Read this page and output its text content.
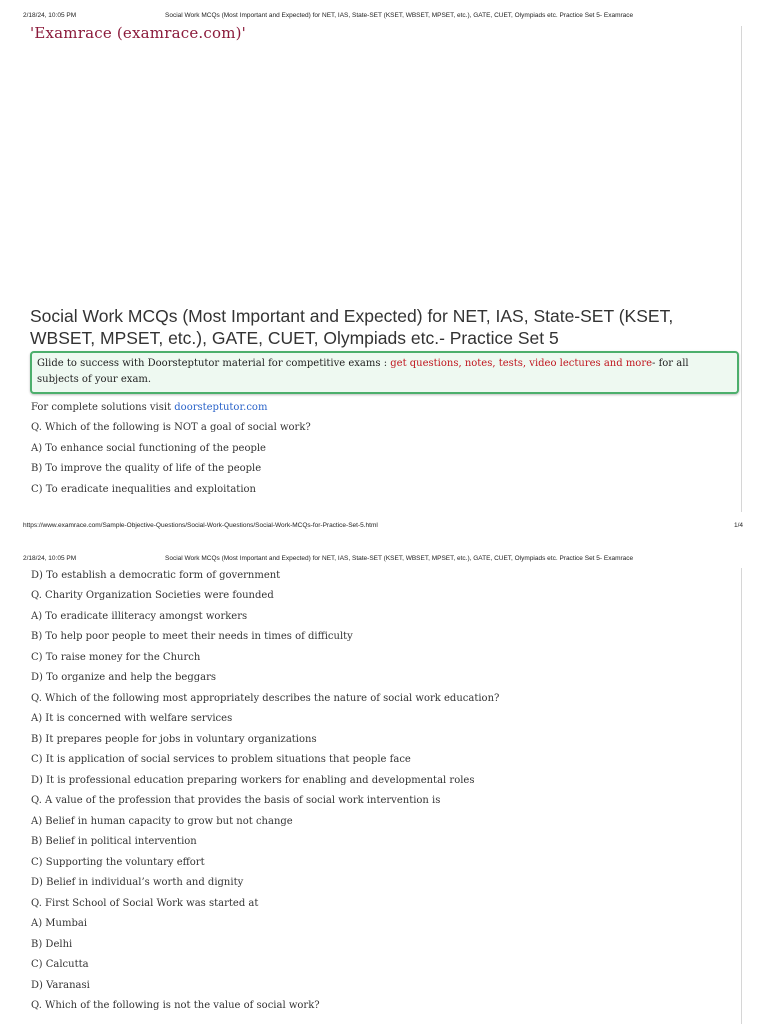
2/18/24, 10:05 PM	Social Work MCQs (Most Important and Expected) for NET, IAS, State-SET (KSET, WBSET, MPSET, etc.), GATE, CUET, Olympiads etc. Practice Set 5- Examrace
'Examrace (examrace.com)'
Social Work MCQs (Most Important and Expected) for NET, IAS, State-SET (KSET, WBSET, MPSET, etc.), GATE, CUET, Olympiads etc.- Practice Set 5
Glide to success with Doorsteptutor material for competitive exams : get questions, notes, tests, video lectures and more- for all subjects of your exam.
For complete solutions visit doorsteptutor.com
Q. Which of the following is NOT a goal of social work?
A) To enhance social functioning of the people
B) To improve the quality of life of the people
C) To eradicate inequalities and exploitation
https://www.examrace.com/Sample-Objective-Questions/Social-Work-Questions/Social-Work-MCQs-for-Practice-Set-5.html	1/4
2/18/24, 10:05 PM	Social Work MCQs (Most Important and Expected) for NET, IAS, State-SET (KSET, WBSET, MPSET, etc.), GATE, CUET, Olympiads etc. Practice Set 5- Examrace
D) To establish a democratic form of government
Q. Charity Organization Societies were founded
A) To eradicate illiteracy amongst workers
B) To help poor people to meet their needs in times of difficulty
C) To raise money for the Church
D) To organize and help the beggars
Q. Which of the following most appropriately describes the nature of social work education?
A) It is concerned with welfare services
B) It prepares people for jobs in voluntary organizations
C) It is application of social services to problem situations that people face
D) It is professional education preparing workers for enabling and developmental roles
Q. A value of the profession that provides the basis of social work intervention is
A) Belief in human capacity to grow but not change
B) Belief in political intervention
C) Supporting the voluntary effort
D) Belief in individual’s worth and dignity
Q. First School of Social Work was started at
A) Mumbai
B) Delhi
C) Calcutta
D) Varanasi
Q. Which of the following is not the value of social work?
